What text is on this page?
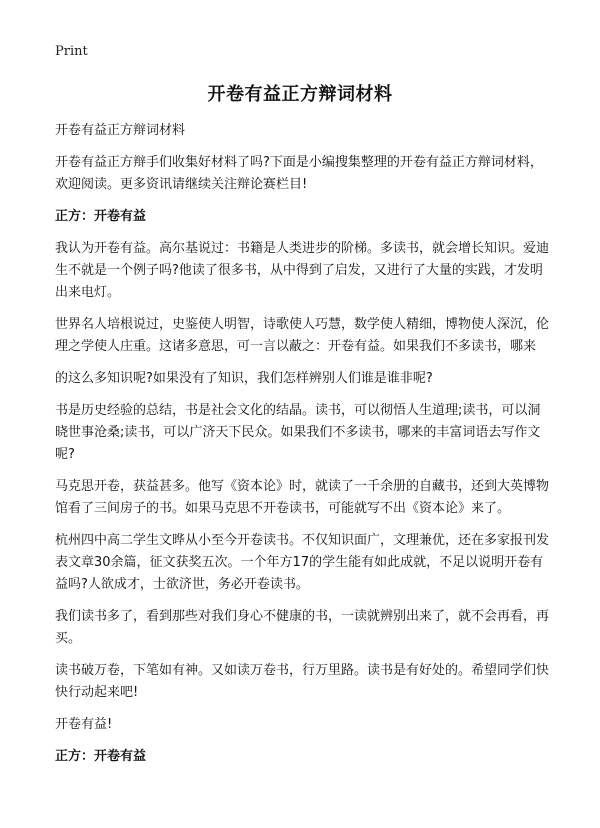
Print
开卷有益正方辩词材料

开卷有益正方辩词材料

开卷有益正方辩手们收集好材料了吗?下面是小编搜集整理的开卷有益正方辩词材料，欢迎阅读。更多资讯请继续关注辩论赛栏目!

正方：开卷有益

我认为开卷有益。高尔基说过：书籍是人类进步的阶梯。多读书，就会增长知识。爱迪生不就是一个例子吗?他读了很多书，从中得到了启发，又进行了大量的实践，才发明出来电灯。

世界名人培根说过，史鉴使人明智，诗歌使人巧慧，数学使人精细，博物使人深沉，伦理之学使人庄重。这诸多意思，可一言以蔽之：开卷有益。如果我们不多读书，哪来

的这么多知识呢?如果没有了知识，我们怎样辨别人们谁是谁非呢?

书是历史经验的总结，书是社会文化的结晶。读书，可以彻悟人生道理;读书，可以洞晓世事沧桑;读书，可以广济天下民众。如果我们不多读书，哪来的丰富词语去写作文呢?

马克思开卷，获益甚多。他写《资本论》时，就读了一千余册的自藏书，还到大英博物馆看了三间房子的书。如果马克思不开卷读书，可能就写不出《资本论》来了。

杭州四中高二学生文晔从小至今开卷读书。不仅知识面广，文理兼优，还在多家报刊发表文章30余篇，征文获奖五次。一个年方17的学生能有如此成就，不足以说明开卷有益吗?人欲成才，士欲济世，务必开卷读书。

我们读书多了，看到那些对我们身心不健康的书，一读就辨别出来了，就不会再看，再买。

读书破万卷，下笔如有神。又如读万卷书，行万里路。读书是有好处的。希望同学们快快行动起来吧!

开卷有益!

正方：开卷有益
